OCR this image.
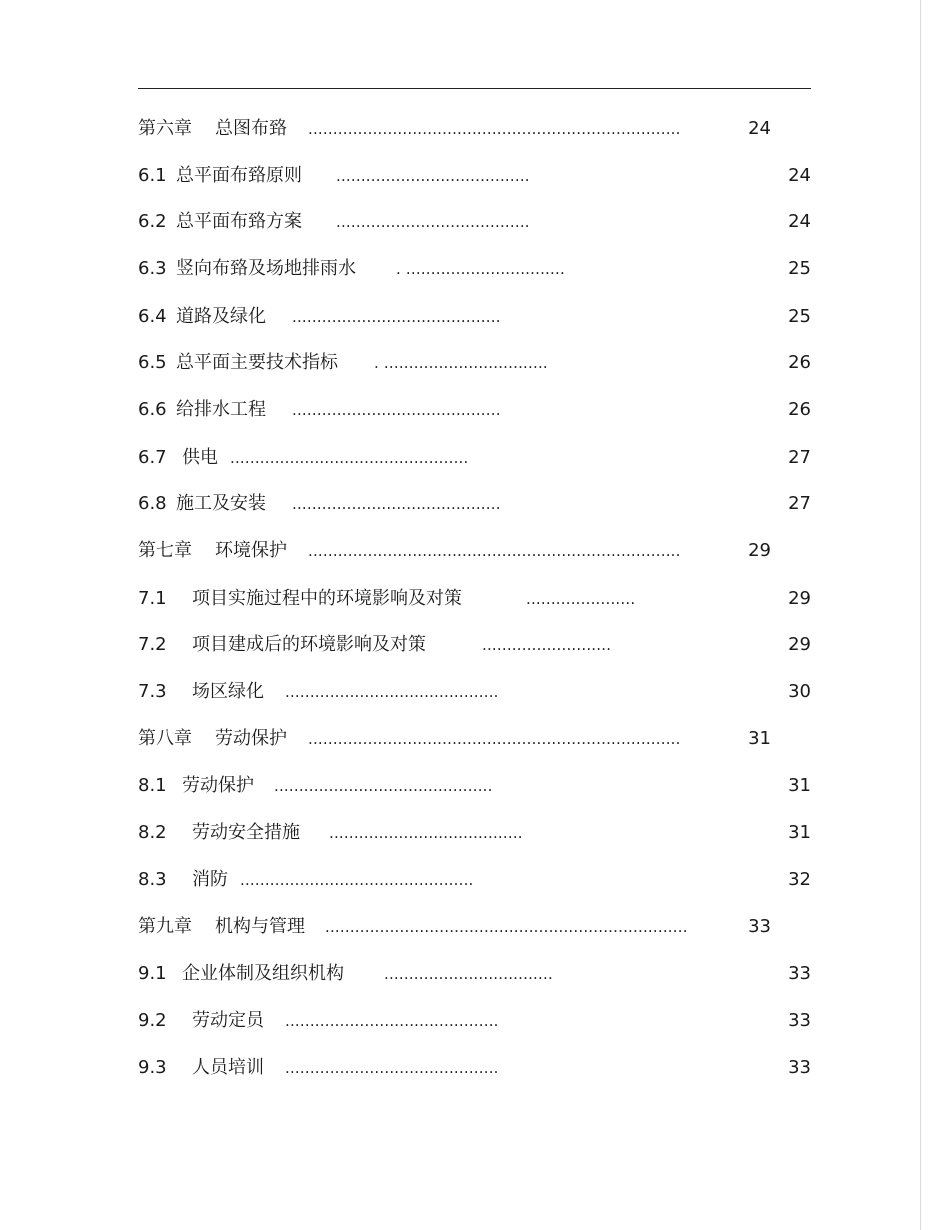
第六章 总图布臵 ...........................................................................	24
6.1 总平面布臵原则 .......................................	24
6.2 总平面布臵方案 .......................................	24
6.3 竖向布臵及场地排雨水	. ................................	25
6.4 道路及绿化 ..........................................	25
6.5 总平面主要技术指标 . .................................	26
6.6 给排水工程 ..........................................	26
6.7 供电 ................................................	27
6.8 施工及安装 ..........................................	27
第七章 环境保护 ...........................................................................	29
7.1 项目实施过程中的环境影响及对策	......................	29
7.2 项目建成后的环境影响及对策	..........................	29
7.3 场区绿化 ...........................................	30
第八章 劳动保护 ...........................................................................	31
8.1 劳动保护 ............................................	31
8.2 劳动安全措施 .......................................	31
8.3 消防 ...............................................	32
第九章 机构与管理 .........................................................................	33
9.1 企业体制及组织机构	..................................	33
9.2 劳动定员 ...........................................	33
9.3 人员培训 ...........................................	33
